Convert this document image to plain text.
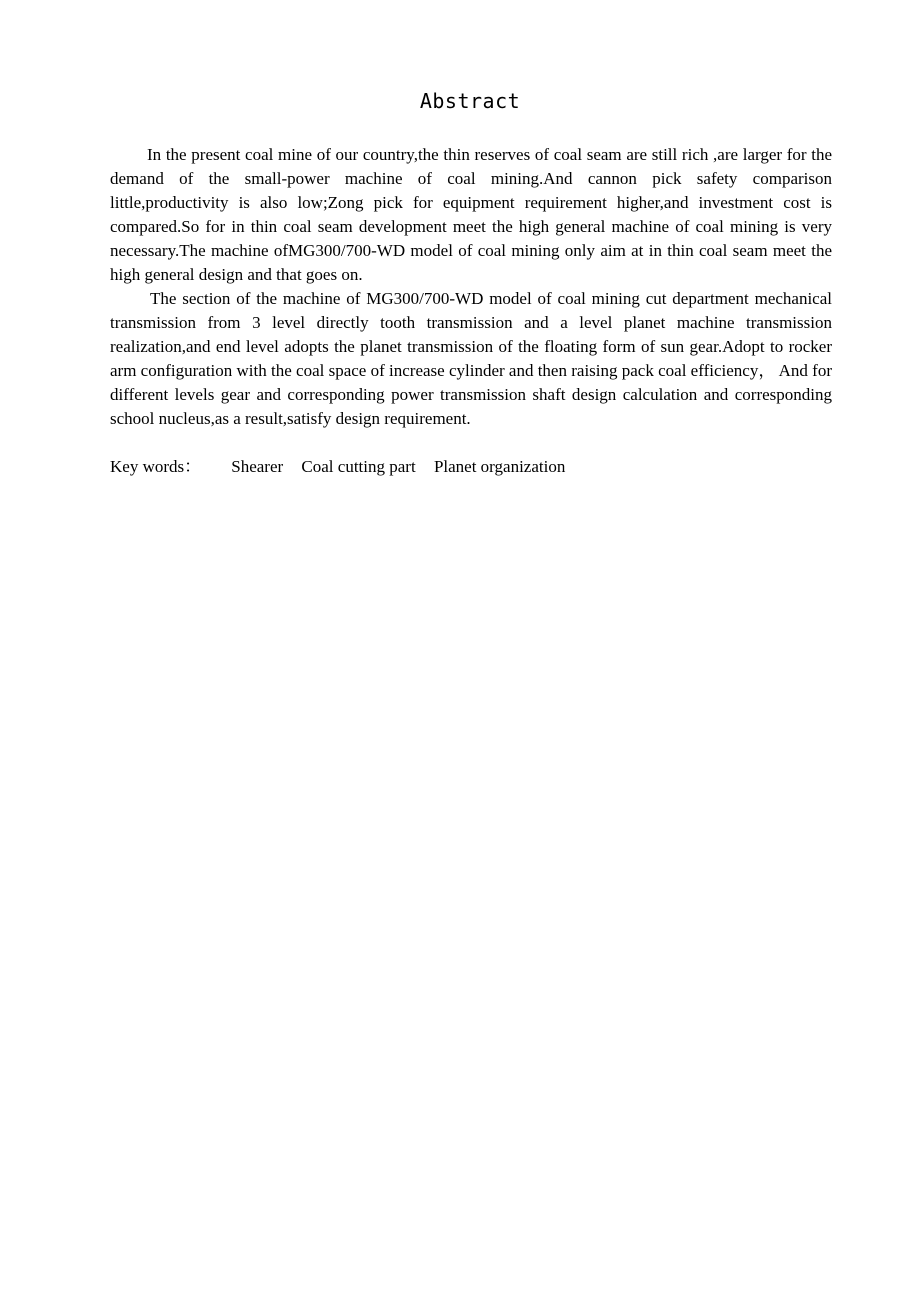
Abstract

In the present coal mine of our country,the thin reserves of coal seam are still rich ,are larger for the demand of the small-power machine of coal mining.And cannon pick safety comparison little,productivity is also low;Zong pick for equipment requirement higher,and investment cost is compared.So for in thin coal seam development meet the high general machine of coal mining is very necessary.The machine ofMG300/700-WD model of coal mining only aim at in thin coal seam meet the high general design and that goes on.

The section of the machine of MG300/700-WD model of coal mining cut department mechanical transmission from 3 level directly tooth transmission and a level planet machine transmission realization,and end level adopts the planet transmission of the floating form of sun gear.Adopt to rocker arm configuration with the coal space of increase cylinder and then raising pack coal efficiency， And for different levels gear and corresponding power transmission shaft design calculation and corresponding school nucleus,as a result,satisfy design requirement.

Key words： Shearer Coal cutting part Planet organization
